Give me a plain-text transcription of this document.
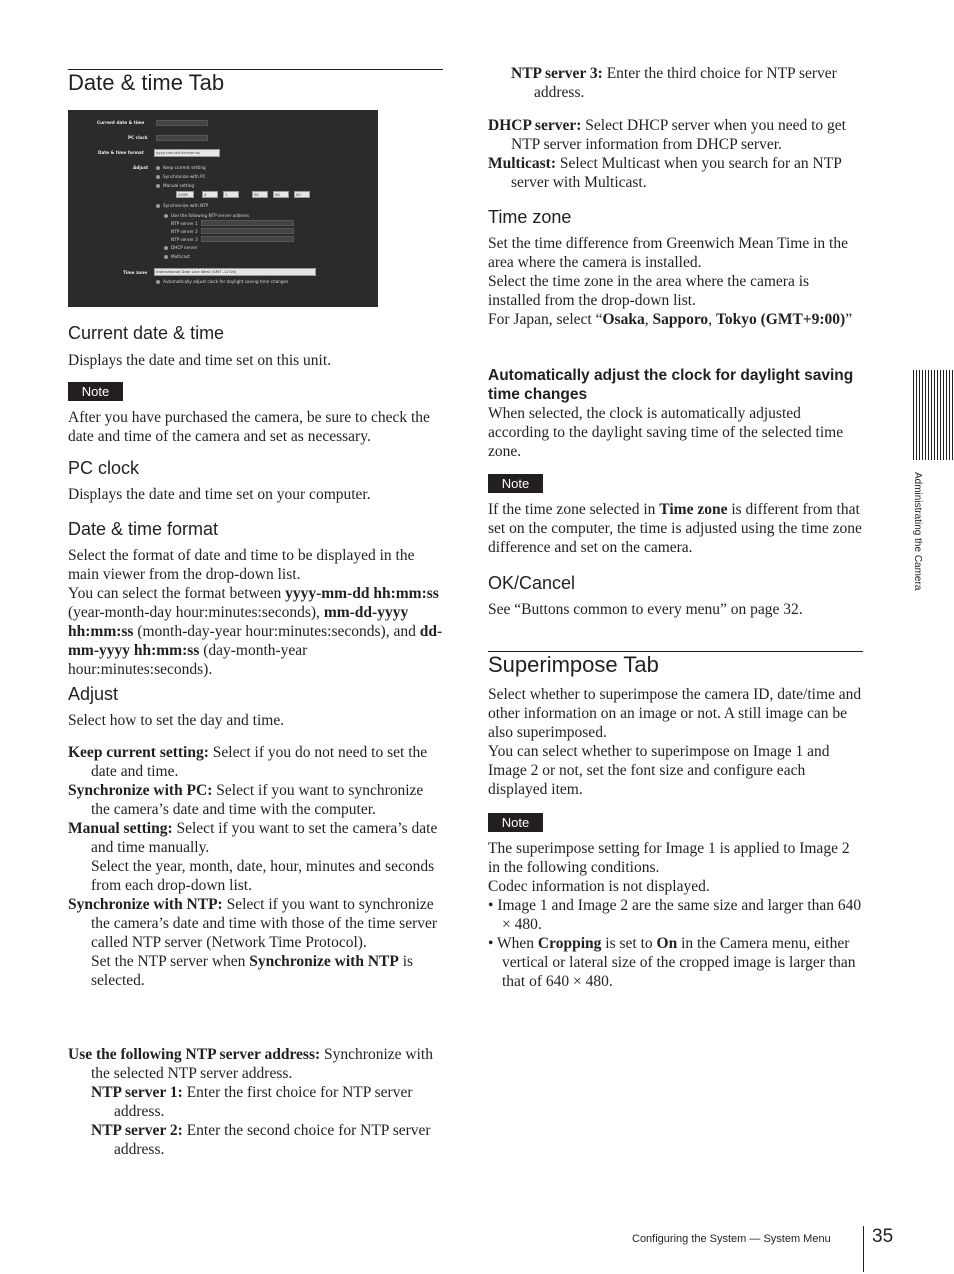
Date & time Tab
Current date & time
PC clock
Date & time format	yyyy-mm-dd hh:mm:ss
Adjust	Keep current setting
Synchronize with PC
Manual setting
2008	4	1	00	00	00
Synchronize with NTP
Use the following NTP server address
NTP server 1
NTP server 2
NTP server 3
DHCP server
Multicast
Time zone	International Date Line West (GMT -12:00)
Automatically adjust clock for daylight saving time changes
Current date & time

Displays the date and time set on this unit.

Note

After you have purchased the camera, be sure to check the date and time of the camera and set as necessary.

PC clock

Displays the date and time set on your computer.

Date & time format

Select the format of date and time to be displayed in the main viewer from the drop-down list.

You can select the format between yyyy-mm-dd hh:mm:ss (year-month-day hour:minutes:seconds), mm-dd-yyyy hh:mm:ss (month-day-year hour:minutes:seconds), and dd-mm-yyyy hh:mm:ss (day-month-year hour:minutes:seconds).

Adjust

Select how to set the day and time.

Keep current setting: Select if you do not need to set the date and time.

Synchronize with PC: Select if you want to synchronize the camera’s date and time with the computer.

Manual setting: Select if you want to set the camera’s date and time manually.

Select the year, month, date, hour, minutes and seconds from each drop-down list.

Synchronize with NTP: Select if you want to synchronize the camera’s date and time with those of the time server called NTP server (Network Time Protocol).

Set the NTP server when Synchronize with NTP is selected.

Use the following NTP server address: Synchronize with the selected NTP server address.

NTP server 1: Enter the first choice for NTP server address.

NTP server 2: Enter the second choice for NTP server address.

NTP server 3: Enter the third choice for NTP server address.

DHCP server: Select DHCP server when you need to get NTP server information from DHCP server.

Multicast: Select Multicast when you search for an NTP server with Multicast.

Time zone

Set the time difference from Greenwich Mean Time in the area where the camera is installed.

Select the time zone in the area where the camera is installed from the drop-down list.

For Japan, select “Osaka, Sapporo, Tokyo (GMT+9:00)”

Automatically adjust the clock for daylight saving time changes

When selected, the clock is automatically adjusted according to the daylight saving time of the selected time zone.

Note

If the time zone selected in Time zone is different from that set on the computer, the time is adjusted using the time zone difference and set on the camera.

OK/Cancel

See “Buttons common to every menu” on page 32.

Superimpose Tab

Select whether to superimpose the camera ID, date/time and other information on an image or not. A still image can be also superimposed.

You can select whether to superimpose on Image 1 and Image 2 or not, set the font size and configure each displayed item.

Note

The superimpose setting for Image 1 is applied to Image 2 in the following conditions.

Codec information is not displayed.

• Image 1 and Image 2 are the same size and larger than 640 × 480.

• When Cropping is set to On in the Camera menu, either vertical or lateral size of the cropped image is larger than that of 640 × 480.

Administrating the Camera
Configuring the System — System Menu 35
